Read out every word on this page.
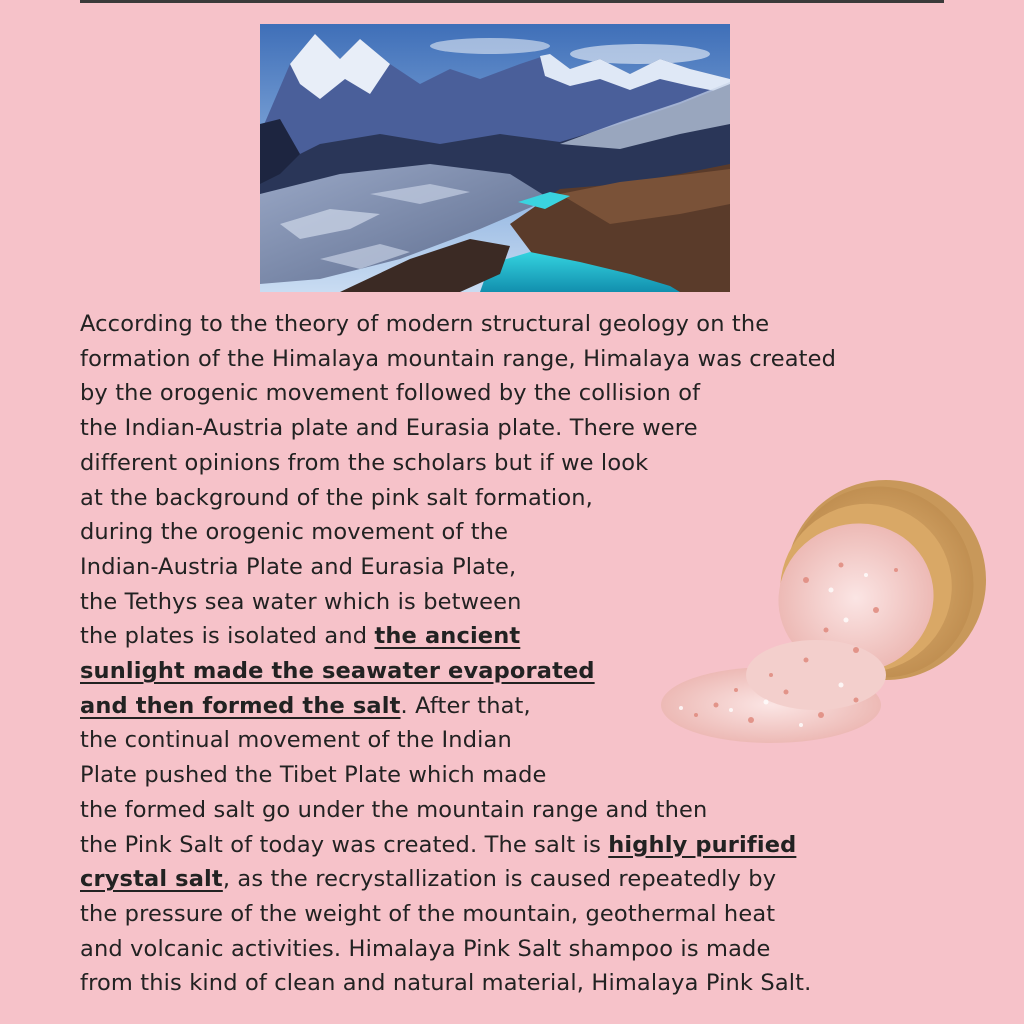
According to the theory of modern structural geology on the
formation of the Himalaya mountain range, Himalaya was created
by the orogenic movement followed by the collision of
the Indian-Austria plate and Eurasia plate. There were
different opinions from the scholars but if we look
at the background of the pink salt formation,
during the orogenic movement of the
Indian-Austria Plate and Eurasia Plate,
the Tethys sea water which is between
the plates is isolated and the ancient
sunlight made the seawater evaporated
and then formed the salt. After that,
the continual movement of the Indian
Plate pushed the Tibet Plate which made
the formed salt go under the mountain range and then
the Pink Salt of today was created. The salt is highly purified
crystal salt, as the recrystallization is caused repeatedly by
the pressure of the weight of the mountain, geothermal heat
and volcanic activities. Himalaya Pink Salt shampoo is made
from this kind of clean and natural material, Himalaya Pink Salt.
